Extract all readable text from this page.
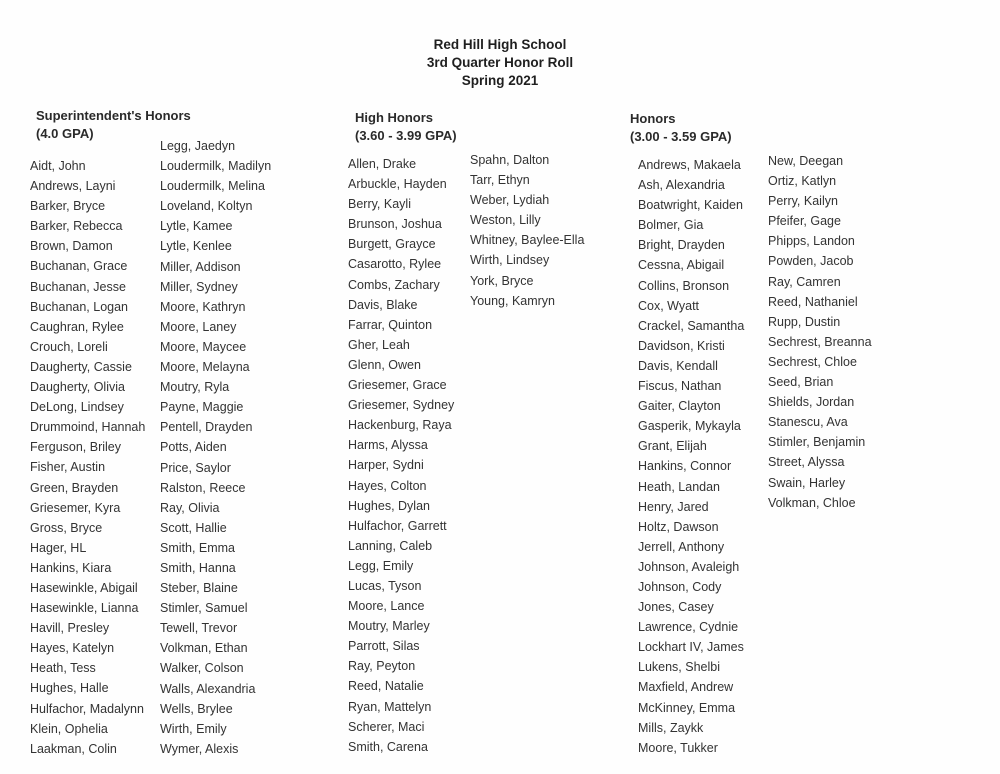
Red Hill High School
3rd Quarter Honor Roll
Spring 2021
Superintendent's Honors
(4.0 GPA)
Aidt, John
Andrews, Layni
Barker, Bryce
Barker, Rebecca
Brown, Damon
Buchanan, Grace
Buchanan, Jesse
Buchanan, Logan
Caughran, Rylee
Crouch, Loreli
Daugherty, Cassie
Daugherty, Olivia
DeLong, Lindsey
Drummoind, Hannah
Ferguson, Briley
Fisher, Austin
Green, Brayden
Griesemer, Kyra
Gross, Bryce
Hager, HL
Hankins, Kiara
Hasewinkle, Abigail
Hasewinkle, Lianna
Havill, Presley
Hayes, Katelyn
Heath, Tess
Hughes, Halle
Hulfachor, Madalynn
Klein, Ophelia
Laakman, Colin
Legg, Jaedyn
Loudermilk, Madilyn
Loudermilk, Melina
Loveland, Koltyn
Lytle, Kamee
Lytle, Kenlee
Miller, Addison
Miller, Sydney
Moore, Kathryn
Moore, Laney
Moore, Maycee
Moore, Melayna
Moutry, Ryla
Payne, Maggie
Pentell, Drayden
Potts, Aiden
Price, Saylor
Ralston, Reece
Ray, Olivia
Scott, Hallie
Smith, Emma
Smith, Hanna
Steber, Blaine
Stimler, Samuel
Tewell, Trevor
Volkman, Ethan
Walker, Colson
Walls, Alexandria
Wells, Brylee
Wirth, Emily
Wymer, Alexis
High Honors
(3.60 - 3.99 GPA)
Allen, Drake
Arbuckle, Hayden
Berry, Kayli
Brunson, Joshua
Burgett, Grayce
Casarotto, Rylee
Combs, Zachary
Davis, Blake
Farrar, Quinton
Gher, Leah
Glenn, Owen
Griesemer, Grace
Griesemer, Sydney
Hackenburg, Raya
Harms, Alyssa
Harper, Sydni
Hayes, Colton
Hughes, Dylan
Hulfachor, Garrett
Lanning, Caleb
Legg, Emily
Lucas, Tyson
Moore, Lance
Moutry, Marley
Parrott, Silas
Ray, Peyton
Reed, Natalie
Ryan, Mattelyn
Scherer, Maci
Smith, Carena
Spahn, Dalton
Tarr, Ethyn
Weber, Lydiah
Weston, Lilly
Whitney, Baylee-Ella
Wirth, Lindsey
York, Bryce
Young, Kamryn
Honors
(3.00 - 3.59 GPA)
Andrews, Makaela
Ash, Alexandria
Boatwright, Kaiden
Bolmer, Gia
Bright, Drayden
Cessna, Abigail
Collins, Bronson
Cox, Wyatt
Crackel, Samantha
Davidson, Kristi
Davis, Kendall
Fiscus, Nathan
Gaiter, Clayton
Gasperik, Mykayla
Grant, Elijah
Hankins, Connor
Heath, Landan
Henry, Jared
Holtz, Dawson
Jerrell, Anthony
Johnson, Avaleigh
Johnson, Cody
Jones, Casey
Lawrence, Cydnie
Lockhart IV, James
Lukens, Shelbi
Maxfield, Andrew
McKinney, Emma
Mills, Zaykk
Moore, Tukker
New, Deegan
Ortiz, Katlyn
Perry, Kailyn
Pfeifer, Gage
Phipps, Landon
Powden, Jacob
Ray, Camren
Reed, Nathaniel
Rupp, Dustin
Sechrest, Breanna
Sechrest, Chloe
Seed, Brian
Shields, Jordan
Stanescu, Ava
Stimler, Benjamin
Street, Alyssa
Swain, Harley
Volkman, Chloe
